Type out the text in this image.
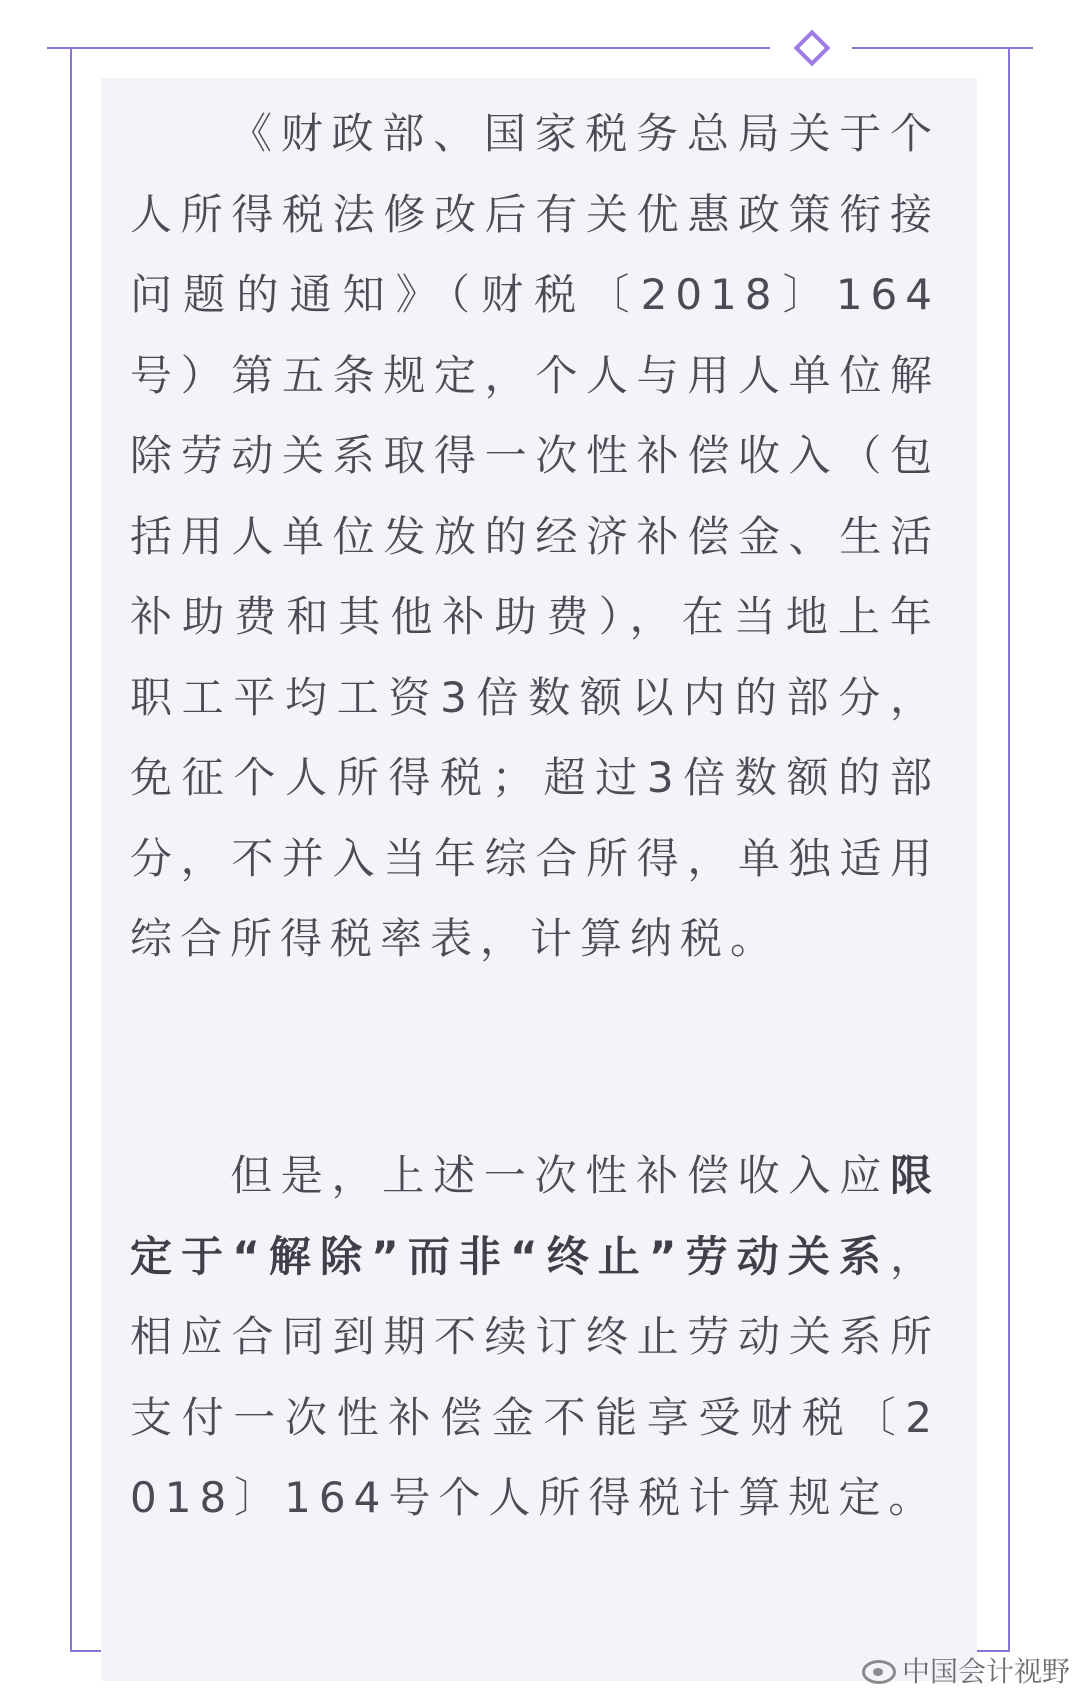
《财政部、国家税务总局关于个人所得税法修改后有关优惠政策衔接问题的通知》（财税〔2018〕164号）第五条规定，个人与用人单位解除劳动关系取得一次性补偿收入（包括用人单位发放的经济补偿金、生活补助费和其他补助费），在当地上年职工平均工资3倍数额以内的部分，免征个人所得税；超过3倍数额的部分，不并入当年综合所得，单独适用综合所得税率表，计算纳税。
但是，上述一次性补偿收入应限定于“解除”而非“终止”劳动关系，相应合同到期不续订终止劳动关系所支付一次性补偿金不能享受财税〔2018〕164号个人所得税计算规定。
中国会计视野
